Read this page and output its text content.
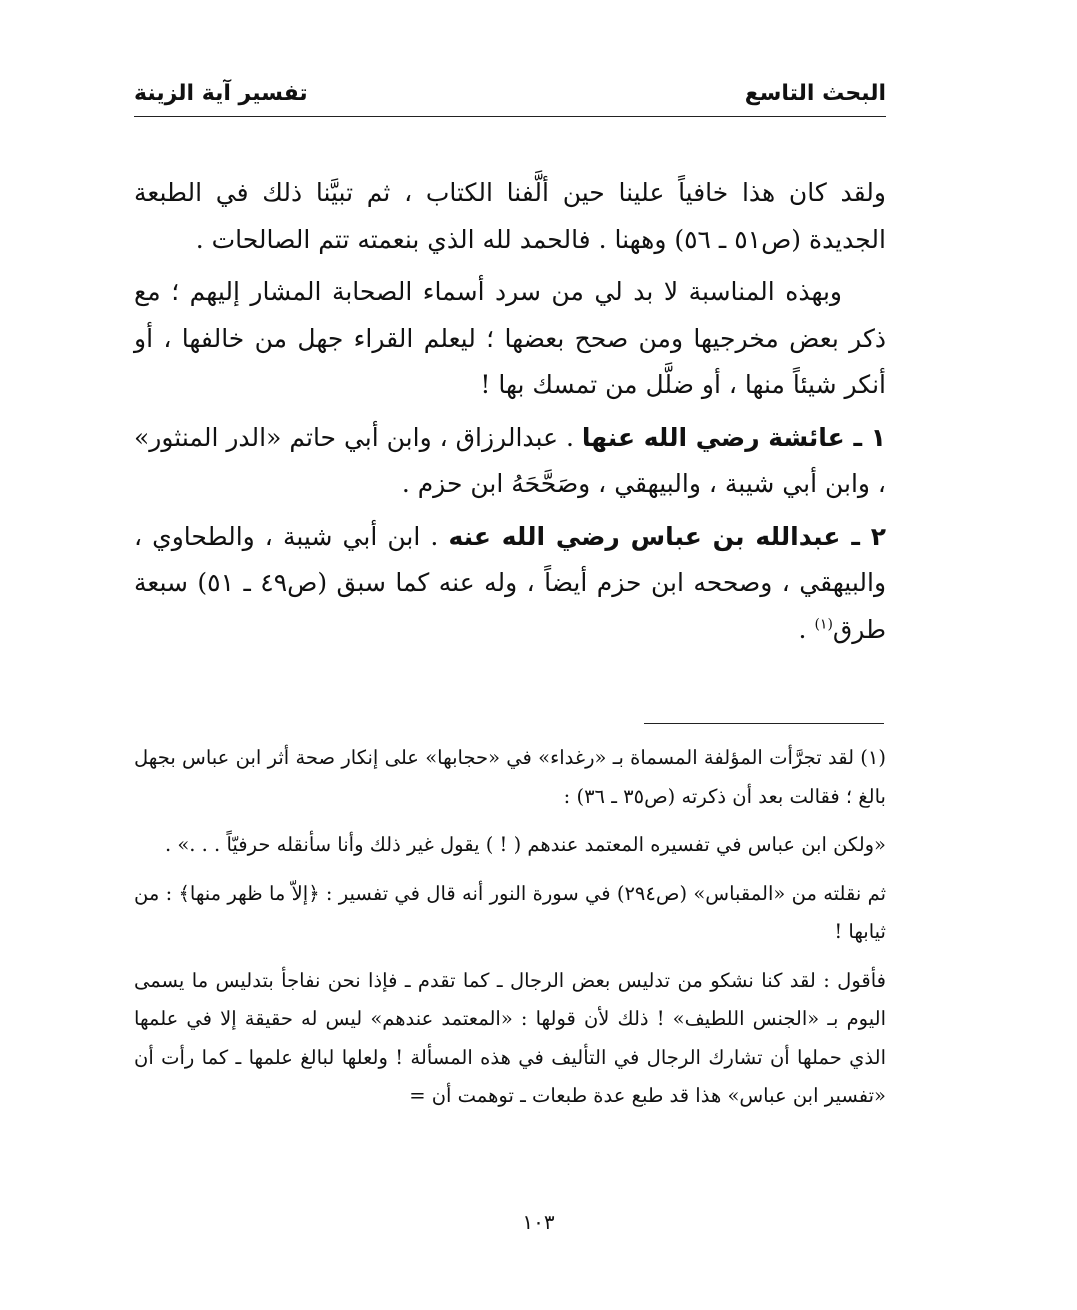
البحث التاسع
تفسير آية الزينة

ولقد كان هذا خافياً علينا حين ألَّفنا الكتاب ، ثم تبيَّنا ذلك في الطبعة الجديدة (ص٥١ ـ ٥٦) وههنا . فالحمد لله الذي بنعمته تتم الصالحات .

وبهذه المناسبة لا بد لي من سرد أسماء الصحابة المشار إليهم ؛ مع ذكر بعض مخرجيها ومن صحح بعضها ؛ ليعلم القراء جهل من خالفها ، أو أنكر شيئاً منها ، أو ضلَّل من تمسك بها !

١ ـ عائشة رضي الله عنها . عبدالرزاق ، وابن أبي حاتم «الدر المنثور» ، وابن أبي شيبة ، والبيهقي ، وصَحَّحَهُ ابن حزم .

٢ ـ عبدالله بن عباس رضي الله عنه . ابن أبي شيبة ، والطحاوي ، والبيهقي ، وصححه ابن حزم أيضاً ، وله عنه كما سبق (ص٤٩ ـ ٥١) سبعة طرق$^{(١)}$ .

(١) لقد تجرَّأت المؤلفة المسماة بـ «رغداء» في «حجابها» على إنكار صحة أثر ابن عباس بجهل بالغ ؛ فقالت بعد أن ذكرته (ص٣٥ ـ ٣٦) :

«ولكن ابن عباس في تفسيره المعتمد عندهم ( ! ) يقول غير ذلك وأنا سأنقله حرفيّاً . . .» .

ثم نقلته من «المقباس» (ص٢٩٤) في سورة النور أنه قال في تفسير : ﴿إلاّ ما ظهر منها﴾ : من ثيابها !

فأقول : لقد كنا نشكو من تدليس بعض الرجال ـ كما تقدم ـ فإذا نحن نفاجأ بتدليس ما يسمى اليوم بـ «الجنس اللطيف» ! ذلك لأن قولها : «المعتمد عندهم» ليس له حقيقة إلا في علمها الذي حملها أن تشارك الرجال في التأليف في هذه المسألة ! ولعلها لبالغ علمها ـ كما رأت أن «تفسير ابن عباس» هذا قد طبع عدة طبعات ـ توهمت أن =

١٠٣
